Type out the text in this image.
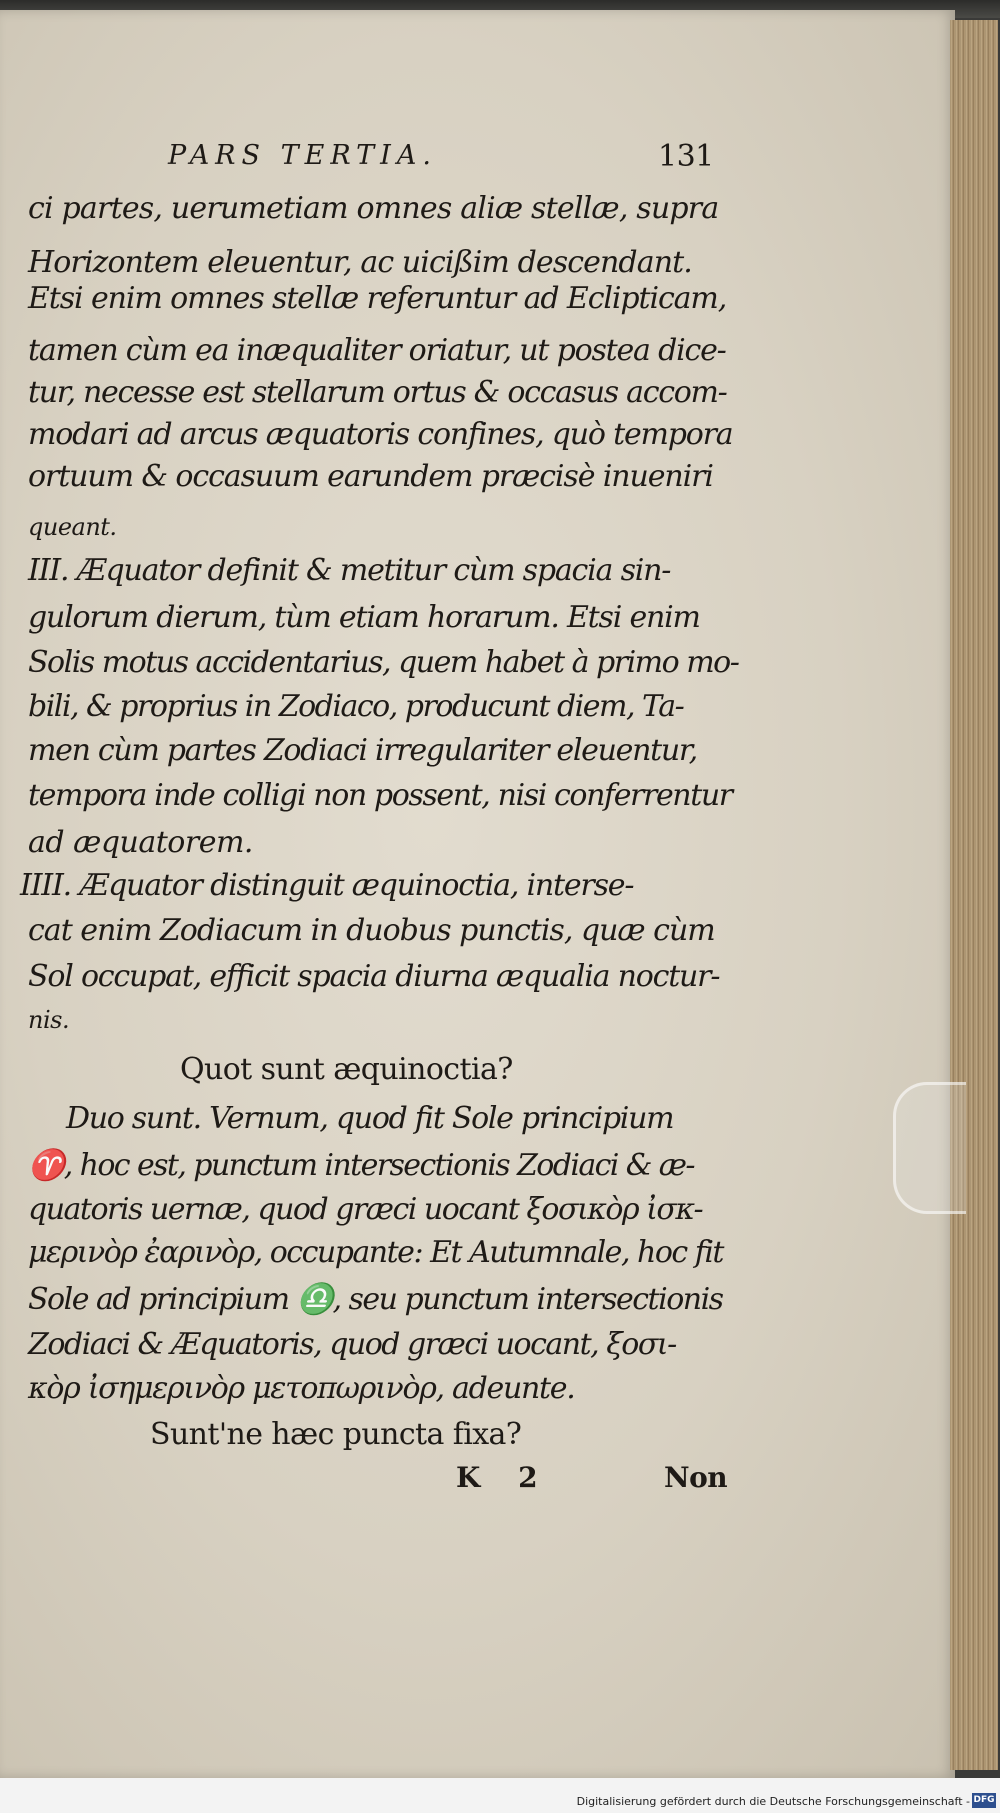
PARS TERTIA.	131
ci partes, uerumetiam omnes aliæ stellæ, supra
Horizontem eleuentur, ac uicißim descendant.
Etsi enim omnes stellæ referuntur ad Eclipticam,
tamen cùm ea inæqualiter oriatur, ut postea dice-
tur, necesse est stellarum ortus & occasus accom-
modari ad arcus æquatoris confines, quò tempora
ortuum & occasuum earundem præcisè inueniri
queant.
III. Æquator definit & metitur cùm spacia sin-
gulorum dierum, tùm etiam horarum. Etsi enim
Solis motus accidentarius, quem habet à primo mo-
bili, & proprius in Zodiaco, producunt diem, Ta-
men cùm partes Zodiaci irregulariter eleuentur,
tempora inde colligi non possent, nisi conferrentur
ad æquatorem.
IIII. Æquator distinguit æquinoctia, interse-
cat enim Zodiacum in duobus punctis, quæ cùm
Sol occupat, efficit spacia diurna æqualia noctur-
nis.
Quot sunt æquinoctia?
Duo sunt. Vernum, quod fit Sole principium
♈, hoc est, punctum intersectionis Zodiaci & æ-
quatoris uernæ, quod græci uocant ξοσικὸρ ἰσκ-
μερινὸρ ἐαρινὸρ, occupante: Et Autumnale, hoc fit
Sole ad principium ♎, seu punctum intersectionis
Zodiaci & Æquatoris, quod græci uocant, ξοσι-
κὸρ ἰσημερινὸρ μετοπωρινὸρ, adeunte.
Sunt'ne hæc puncta fixa?
K 2	Non
Digitalisierung gefördert durch die Deutsche Forschungsgemeinschaft - DFG
